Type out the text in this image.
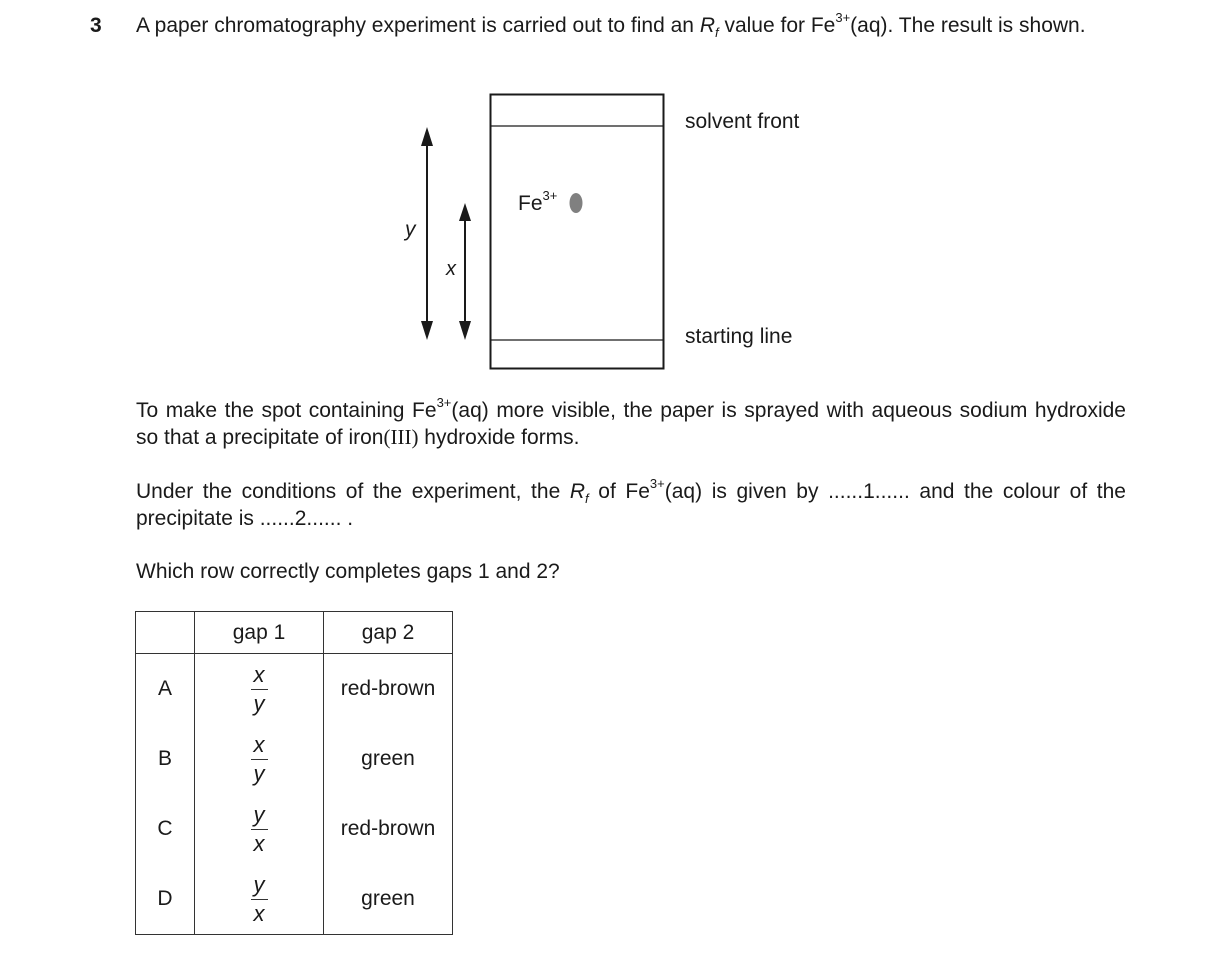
3 A paper chromatography experiment is carried out to find an $R_f$ value for $Fe^{3+}(aq)$. The result is shown.
solvent front
starting line
y
x
$Fe^{3+}$
To make the spot containing $Fe^{3+}(aq)$ more visible, the paper is sprayed with aqueous sodium hydroxide so that a precipitate of iron(III) hydroxide forms.
Under the conditions of the experiment, the $R_f$ of $Fe^{3+}(aq)$ is given by ......1...... and the colour of the precipitate is ......2...... .
Which row correctly completes gaps 1 and 2?
	gap 1	gap 2
A	$\frac{x}{y}$	red-brown
B	$\frac{x}{y}$	green
C	$\frac{y}{x}$	red-brown
D	$\frac{y}{x}$	green
